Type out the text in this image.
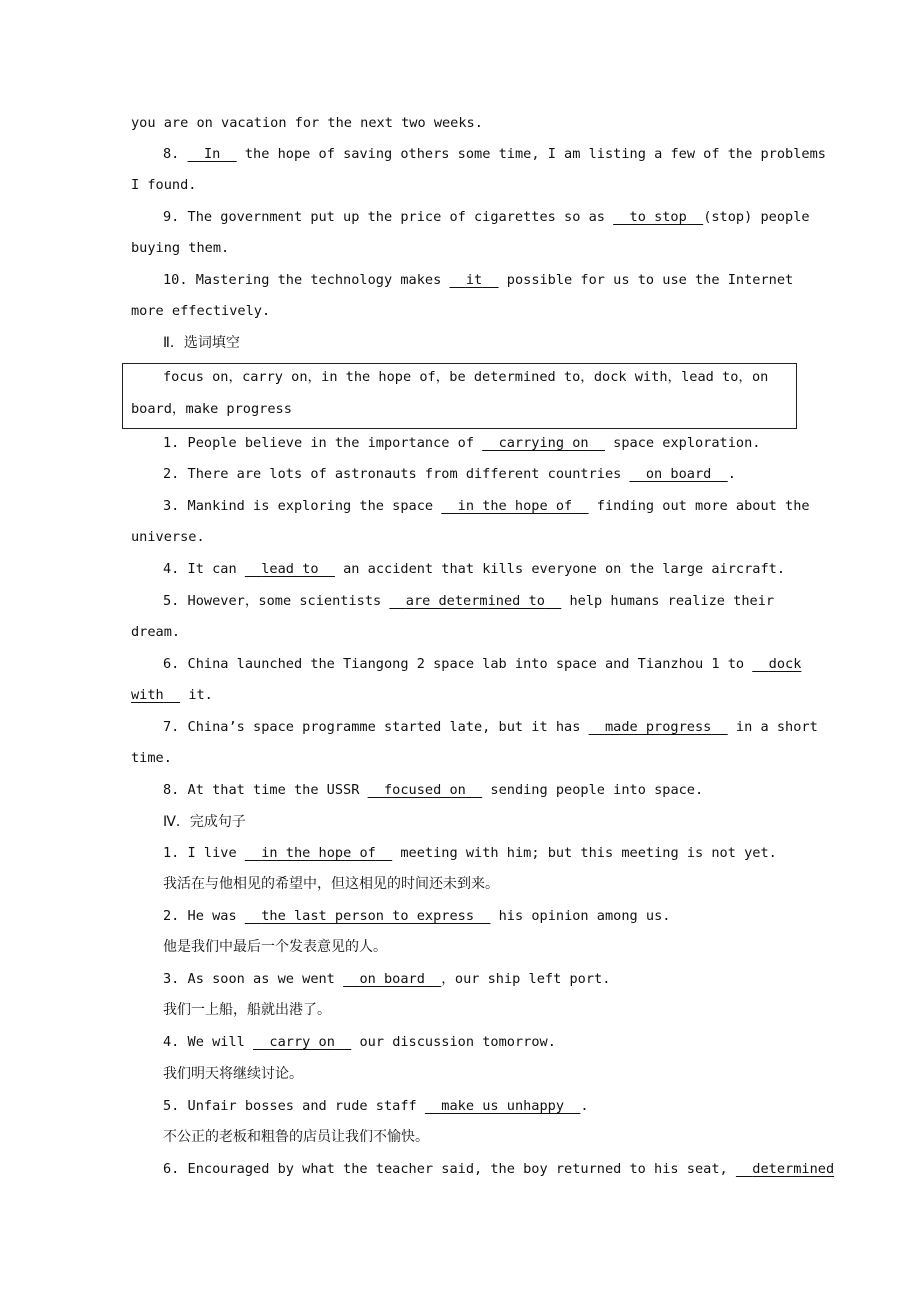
you are on vacation for the next two weeks.
8. In the hope of saving others some time, I am listing a few of the problems
I found.
9. The government put up the price of cigarettes so as to stop (stop) people
buying them.
10. Mastering the technology makes it possible for us to use the Internet
more effectively.
Ⅱ．选词填空
focus on，carry on，in the hope of，be determined to，dock with，lead to，on
board，make progress
1. People believe in the importance of carrying on space exploration.
2. There are lots of astronauts from different countries on board .
3. Mankind is exploring the space in the hope of finding out more about the
universe.
4. It can lead to an accident that kills everyone on the large aircraft.
5. However，some scientists are determined to help humans realize their
dream.
6. China launched the Tiangong 2 space lab into space and Tianzhou 1 to dock
with it.
7. China’s space programme started late, but it has made progress in a short
time.
8. At that time the USSR focused on sending people into space.
Ⅳ．完成句子
1. I live in the hope of meeting with him; but this meeting is not yet.
我活在与他相见的希望中，但这相见的时间还未到来。
2. He was the last person to express his opinion among us.
他是我们中最后一个发表意见的人。
3. As soon as we went on board ，our ship left port.
我们一上船，船就出港了。
4. We will carry on our discussion tomorrow.
我们明天将继续讨论。
5. Unfair bosses and rude staff make us unhappy .
不公正的老板和粗鲁的店员让我们不愉快。
6. Encouraged by what the teacher said, the boy returned to his seat, determined
